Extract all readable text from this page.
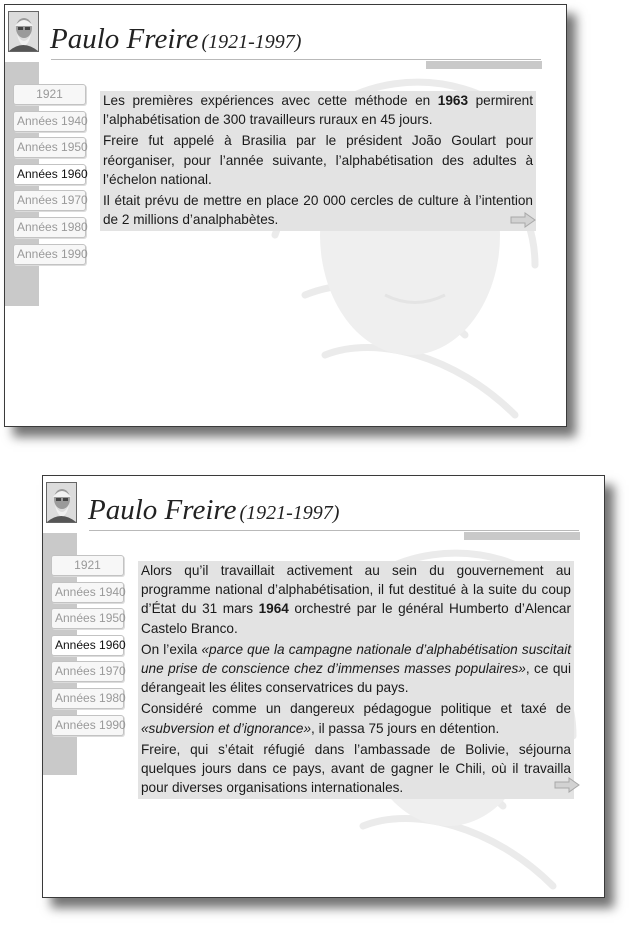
Paulo Freire (1921-1997)
1921
Années 1940
Années 1950
Années 1960
Années 1970
Années 1980
Années 1990

Les premières expériences avec cette méthode en 1963 permirent l’alphabétisation de 300 travailleurs ruraux en 45 jours.

Freire fut appelé à Brasilia par le président João Goulart pour réorganiser, pour l’année suivante, l’alphabétisation des adultes à l’échelon national.

Il était prévu de mettre en place 20 000 cercles de culture à l’intention de 2 millions d’analphabètes.

Paulo Freire (1921-1997)
1921
Années 1940
Années 1950
Années 1960
Années 1970
Années 1980
Années 1990

Alors qu’il travaillait activement au sein du gouvernement au programme national d’alphabétisation, il fut destitué à la suite du coup d’État du 31 mars 1964 orchestré par le général Humberto d’Alencar Castelo Branco.

On l’exila «parce que la campagne nationale d’alphabétisation suscitait une prise de conscience chez d’immenses masses populaires», ce qui dérangeait les élites conservatrices du pays.

Considéré comme un dangereux pédagogue politique et taxé de «subversion et d’ignorance», il passa 75 jours en détention.

Freire, qui s’était réfugié dans l’ambassade de Bolivie, séjourna quelques jours dans ce pays, avant de gagner le Chili, où il travailla pour diverses organisations internationales.
